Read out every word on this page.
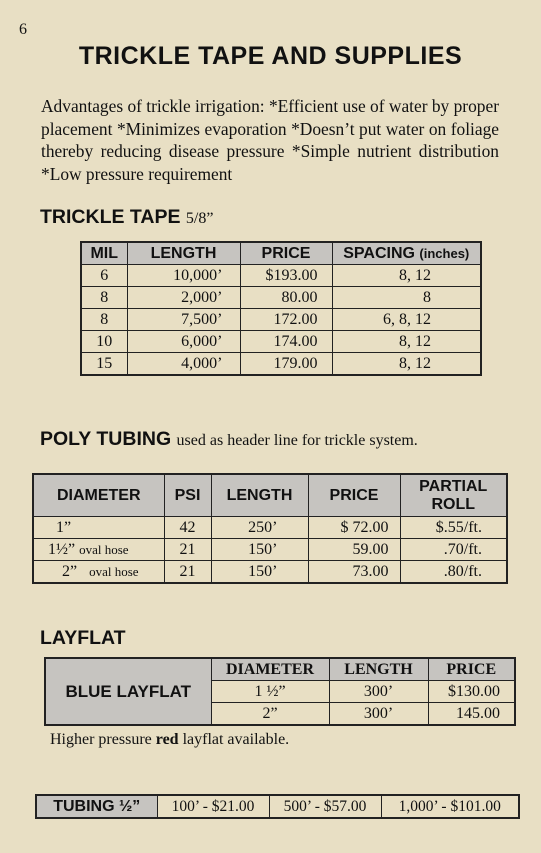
6
TRICKLE TAPE AND SUPPLIES
Advantages of trickle irrigation: *Efficient use of water by proper placement *Minimizes evaporation *Doesn’t put water on foliage thereby reducing disease pressure *Simple nutrient distribution *Low pressure requirement
TRICKLE TAPE 5/8”
MIL	LENGTH	PRICE	SPACING (inches)
6	10,000’	$193.00	8, 12
8	2,000’	80.00	8
8	7,500’	172.00	6, 8, 12
10	6,000’	174.00	8, 12
15	4,000’	179.00	8, 12
POLY TUBING used as header line for trickle system.
DIAMETER	PSI	LENGTH	PRICE	PARTIAL
ROLL
1”	42	250’	$ 72.00	$.55/ft.
1½” oval hose	21	150’	59.00	.70/ft.
2” oval hose	21	150’	73.00	.80/ft.
LAYFLAT
BLUE LAYFLAT	DIAMETER	LENGTH	PRICE
	1 ½”	300’	$130.00
	2”	300’	145.00
Higher pressure red layflat available.
TUBING ½”	100’ - $21.00	500’ - $57.00	1,000’ - $101.00
